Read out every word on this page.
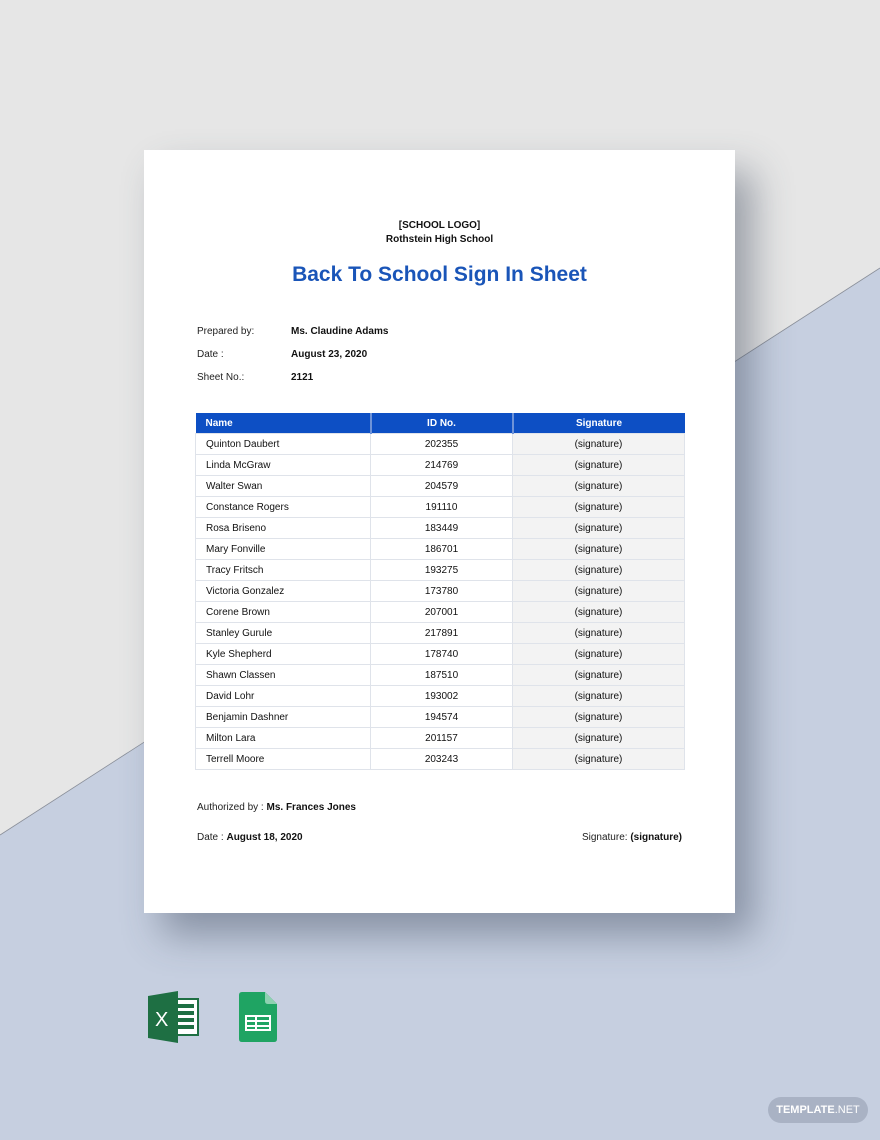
[SCHOOL LOGO]
Rothstein High School
Back To School Sign In Sheet
Prepared by:	Ms. Claudine Adams
Date :	August 23, 2020
Sheet No.:	2121
Name	ID No.	Signature
Quinton Daubert	202355	(signature)
Linda McGraw	214769	(signature)
Walter Swan	204579	(signature)
Constance Rogers	191110	(signature)
Rosa Briseno	183449	(signature)
Mary Fonville	186701	(signature)
Tracy Fritsch	193275	(signature)
Victoria Gonzalez	173780	(signature)
Corene Brown	207001	(signature)
Stanley Gurule	217891	(signature)
Kyle Shepherd	178740	(signature)
Shawn Classen	187510	(signature)
David Lohr	193002	(signature)
Benjamin Dashner	194574	(signature)
Milton Lara	201157	(signature)
Terrell Moore	203243	(signature)
Authorized by : Ms. Frances Jones
Date : August 18, 2020	Signature: (signature)
X
TEMPLATE.NET
